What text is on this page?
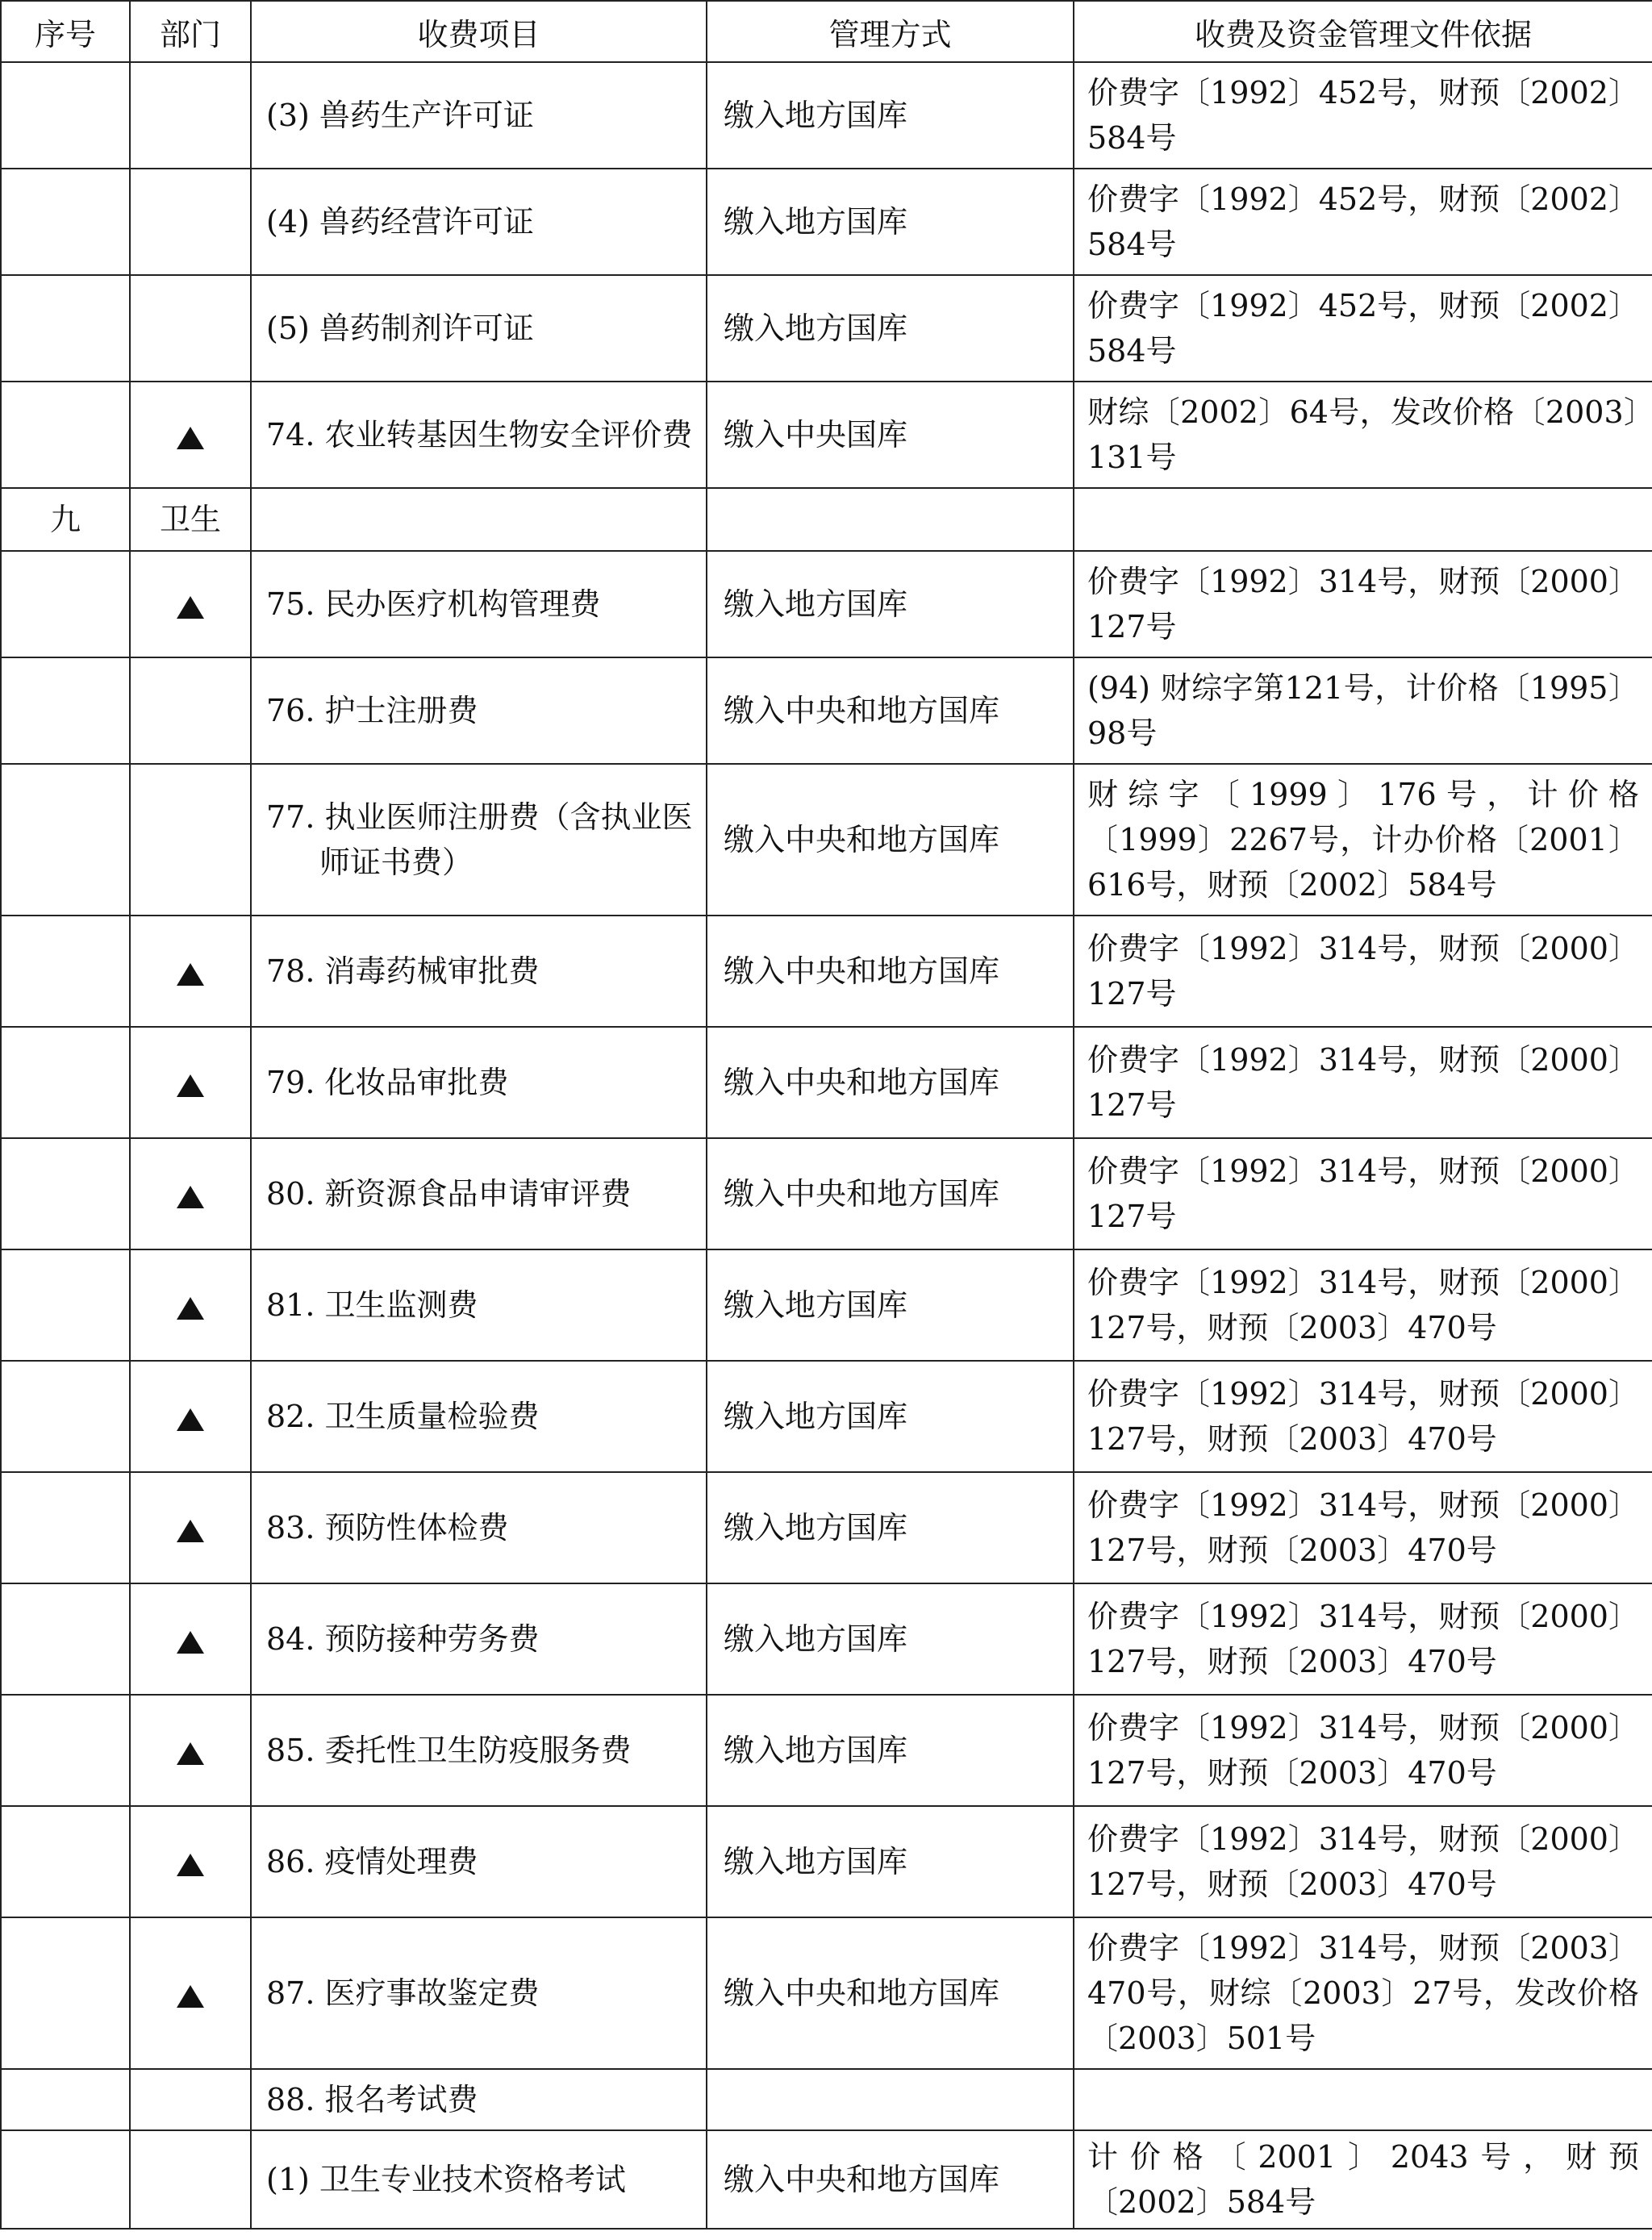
序号	部门	收费项目	管理方式	收费及资金管理文件依据

		(3) 兽药生产许可证	缴入地方国库	价费字〔1992〕452号，财预〔2002〕584号

		(4) 兽药经营许可证	缴入地方国库	价费字〔1992〕452号，财预〔2002〕584号

		(5) 兽药制剂许可证	缴入地方国库	价费字〔1992〕452号，财预〔2002〕584号

		74. 农业转基因生物安全评价费	缴入中央国库	财综〔2002〕64号，发改价格〔2003〕131号
九	卫生	

		75. 民办医疗机构管理费	缴入地方国库	价费字〔1992〕314号，财预〔2000〕127号

		76. 护士注册费	缴入中央和地方国库	(94) 财综字第121号，计价格〔1995〕98号

		77. 执业医师注册费（含执业医师证书费）	缴入中央和地方国库	财综字〔1999〕176号，计价格〔1999〕2267号，计办价格〔2001〕616号，财预〔2002〕584号

		78. 消毒药械审批费	缴入中央和地方国库	价费字〔1992〕314号，财预〔2000〕127号

		79. 化妆品审批费	缴入中央和地方国库	价费字〔1992〕314号，财预〔2000〕127号

		80. 新资源食品申请审评费	缴入中央和地方国库	价费字〔1992〕314号，财预〔2000〕127号

		81. 卫生监测费	缴入地方国库	价费字〔1992〕314号，财预〔2000〕127号，财预〔2003〕470号

		82. 卫生质量检验费	缴入地方国库	价费字〔1992〕314号，财预〔2000〕127号，财预〔2003〕470号

		83. 预防性体检费	缴入地方国库	价费字〔1992〕314号，财预〔2000〕127号，财预〔2003〕470号

		84. 预防接种劳务费	缴入地方国库	价费字〔1992〕314号，财预〔2000〕127号，财预〔2003〕470号

		85. 委托性卫生防疫服务费	缴入地方国库	价费字〔1992〕314号，财预〔2000〕127号，财预〔2003〕470号

		86. 疫情处理费	缴入地方国库	价费字〔1992〕314号，财预〔2000〕127号，财预〔2003〕470号

		87. 医疗事故鉴定费	缴入中央和地方国库	价费字〔1992〕314号，财预〔2003〕470号，财综〔2003〕27号，发改价格〔2003〕501号

		88. 报名考试费		

		(1) 卫生专业技术资格考试	缴入中央和地方国库	计价格〔2001〕2043号，财预〔2002〕584号
